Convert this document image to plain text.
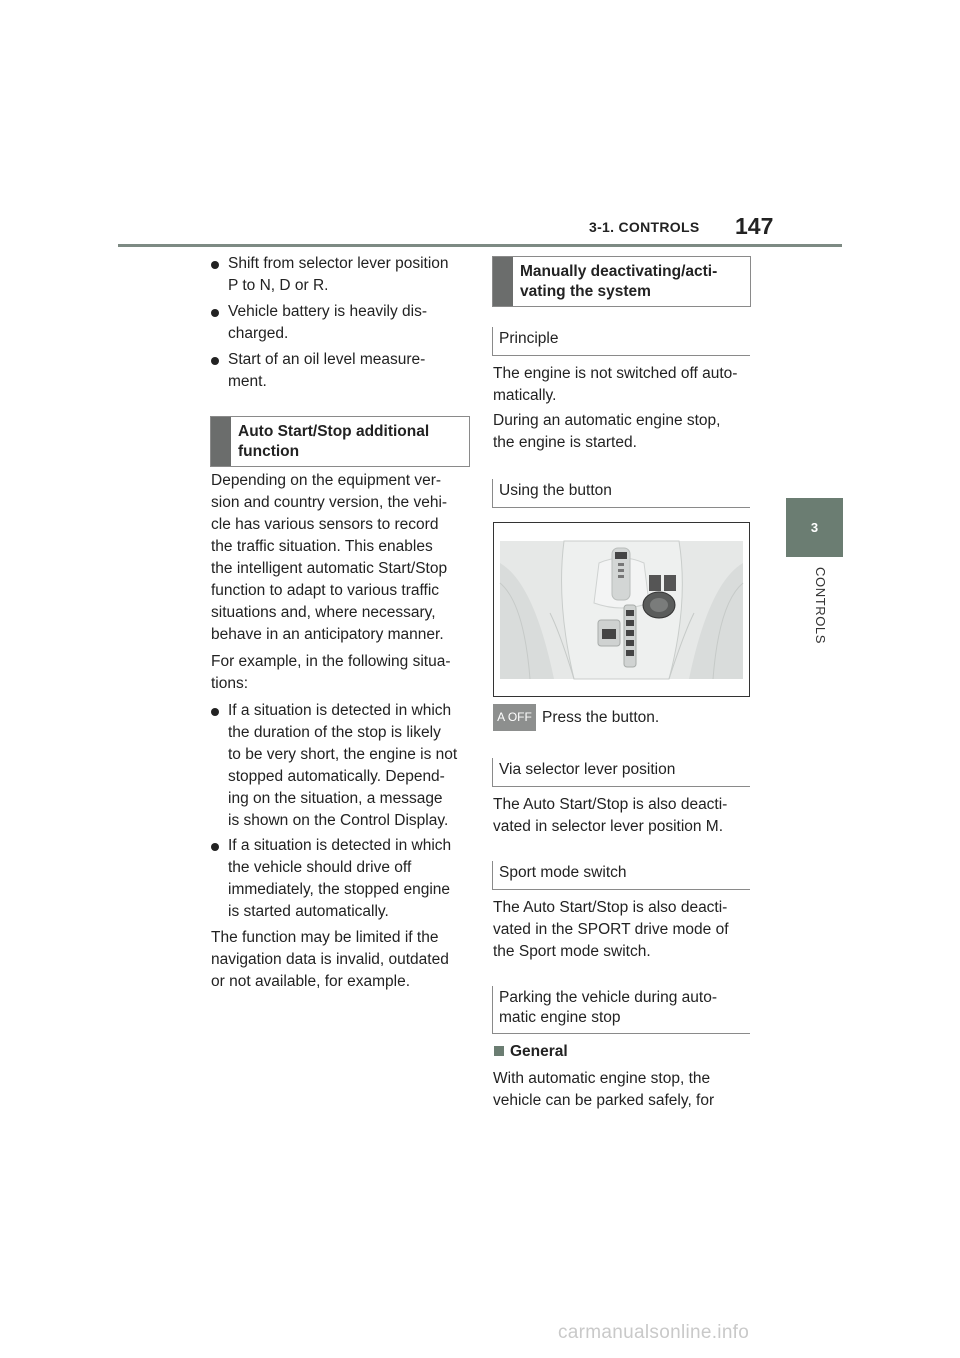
3-1. CONTROLS 147
3
CONTROLS
Shift from selector lever position
P to N, D or R.
Vehicle battery is heavily dis-
charged.
Start of an oil level measure-
ment.
Auto Start/Stop additional
function
Depending on the equipment ver-
sion and country version, the vehi-
cle has various sensors to record
the traffic situation. This enables
the intelligent automatic Start/Stop
function to adapt to various traffic
situations and, where necessary,
behave in an anticipatory manner.
For example, in the following situa-
tions:
If a situation is detected in which
the duration of the stop is likely
to be very short, the engine is not
stopped automatically. Depend-
ing on the situation, a message
is shown on the Control Display.
If a situation is detected in which
the vehicle should drive off
immediately, the stopped engine
is started automatically.
The function may be limited if the
navigation data is invalid, outdated
or not available, for example.
Manually deactivating/acti-
vating the system
Principle
The engine is not switched off auto-
matically.
During an automatic engine stop,
the engine is started.
Using the button
A OFF Press the button.
Via selector lever position
The Auto Start/Stop is also deacti-
vated in selector lever position M.
Sport mode switch
The Auto Start/Stop is also deacti-
vated in the SPORT drive mode of
the Sport mode switch.
Parking the vehicle during auto-
matic engine stop
General
With automatic engine stop, the
vehicle can be parked safely, for
carmanualsonline.info
